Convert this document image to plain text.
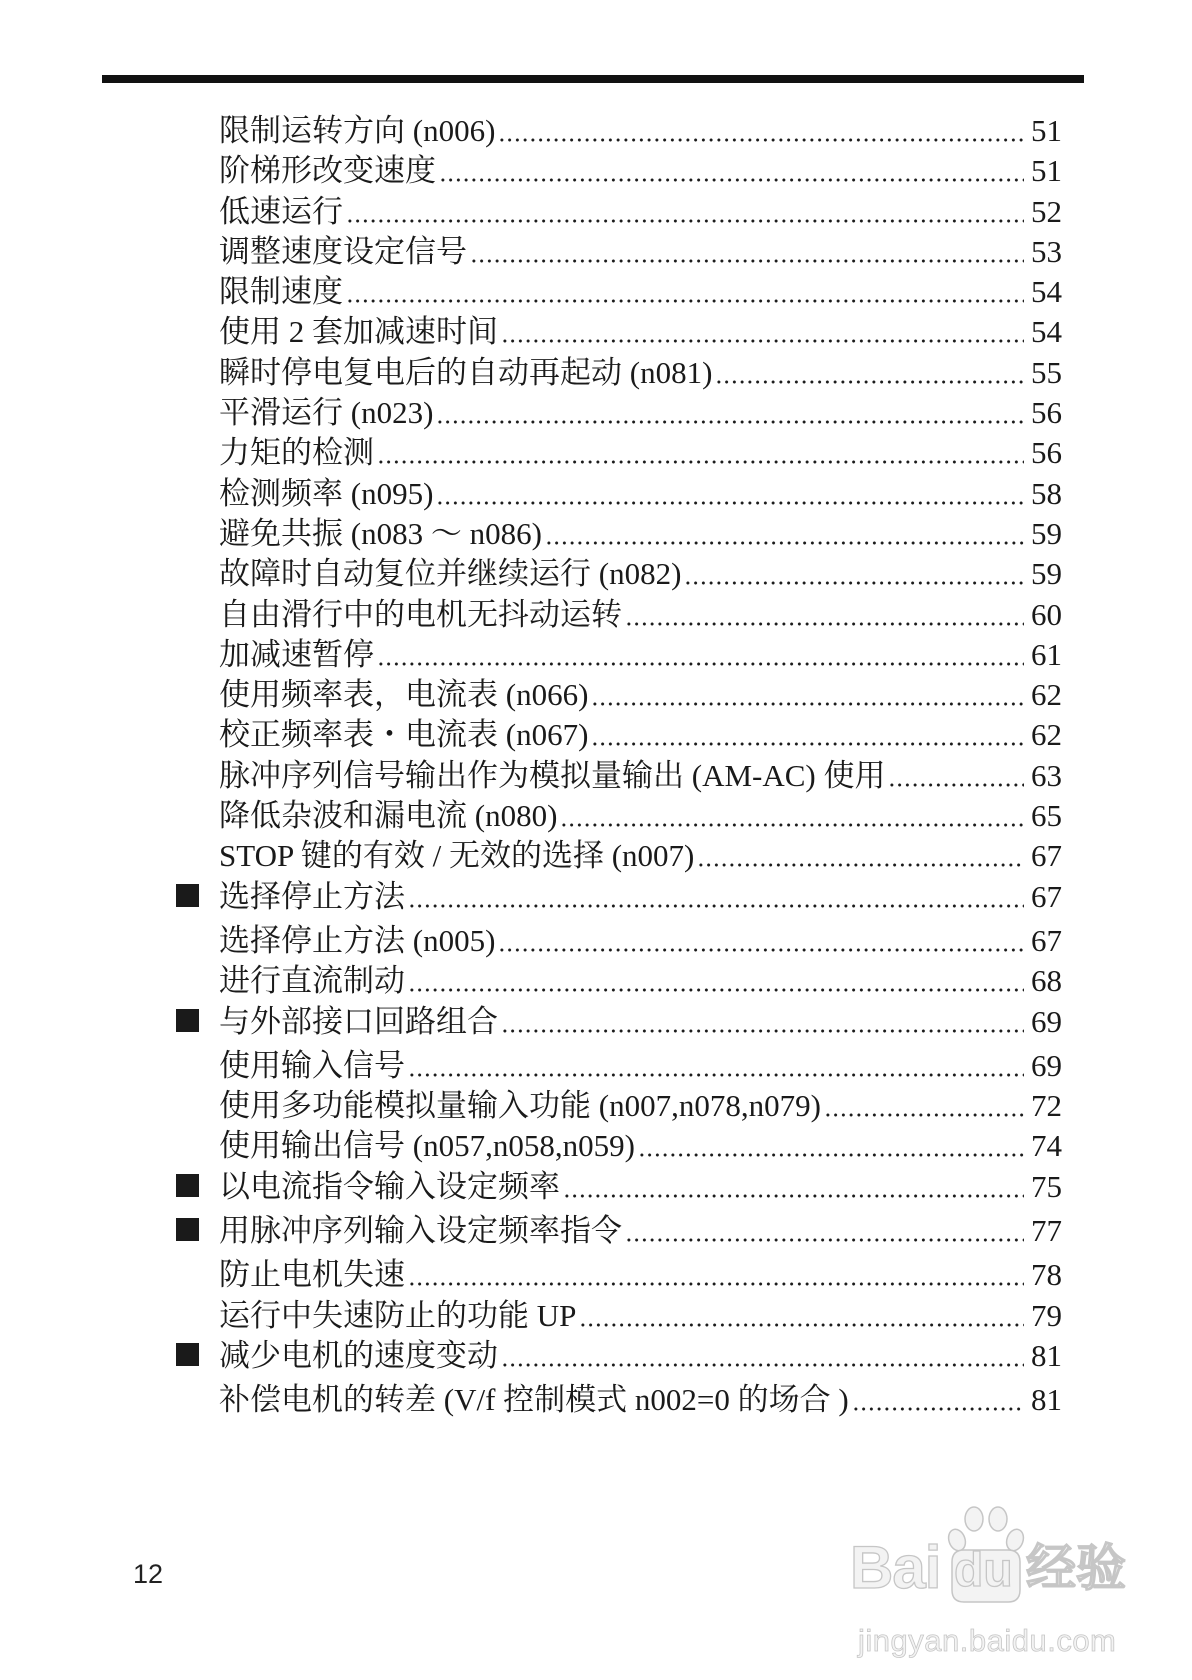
限制运转方向 (n006)	51
阶梯形改变速度	51
低速运行	52
调整速度设定信号	53
限制速度	54
使用 2 套加减速时间	54
瞬时停电复电后的自动再起动 (n081)	55
平滑运行 (n023)	56
力矩的检测	56
检测频率 (n095)	58
避免共振 (n083 ～ n086)	59
故障时自动复位并继续运行 (n082)	59
自由滑行中的电机无抖动运转	60
加减速暂停	61
使用频率表，电流表 (n066)	62
校正频率表・电流表 (n067)	62
脉冲序列信号输出作为模拟量输出 (AM-AC) 使用	63
降低杂波和漏电流 (n080)	65
STOP 键的有效 / 无效的选择 (n007)	67
■ 选择停止方法	67
选择停止方法 (n005)	67
进行直流制动	68
■ 与外部接口回路组合	69
使用输入信号	69
使用多功能模拟量输入功能 (n007,n078,n079)	72
使用输出信号 (n057,n058,n059)	74
■ 以电流指令输入设定频率	75
■ 用脉冲序列输入设定频率指令	77
防止电机失速	78
运行中失速防止的功能 UP	79
■ 减少电机的速度变动	81
补偿电机的转差 (V/f 控制模式 n002=0 的场合 )	81
12	Bai du 经验
jingyan.baidu.com
